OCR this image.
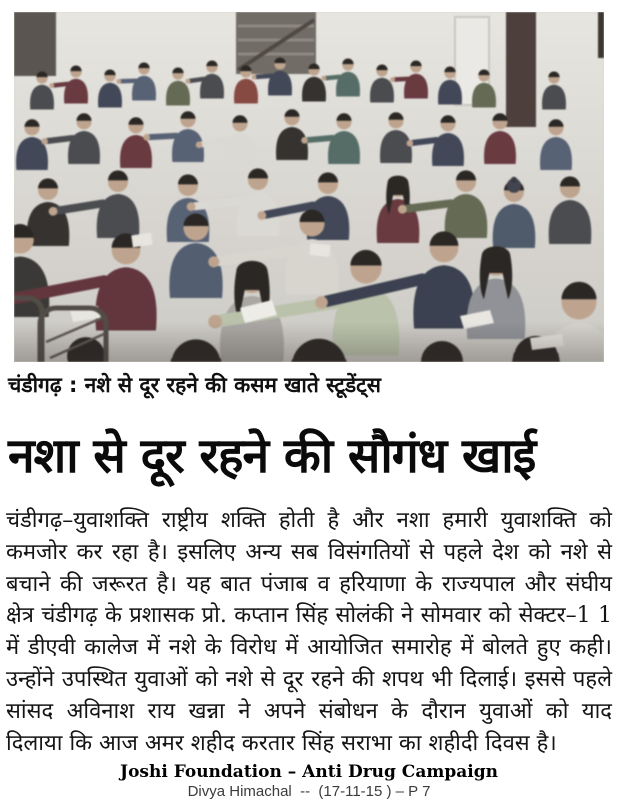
चंडीगढ़ : नशे से दूर रहने की कसम खाते स्टूडेंट्स
नशा से दूर रहने की सौगंध खाई
चंडीगढ़–युवाशक्ति राष्ट्रीय शक्ति होती है और नशा हमारी युवाशक्ति को
कमजोर कर रहा है। इसलिए अन्य सब विसंगतियों से पहले देश को नशे से
बचाने की जरूरत है। यह बात पंजाब व हरियाणा के राज्यपाल और संघीय
क्षेत्र चंडीगढ़ के प्रशासक प्रो. कप्तान सिंह सोलंकी ने सोमवार को सेक्टर–1 1
में डीएवी कालेज में नशे के विरोध में आयोजित समारोह में बोलते हुए कही।
उन्होंने उपस्थित युवाओं को नशे से दूर रहने की शपथ भी दिलाई। इससे पहले
सांसद अविनाश राय खन्ना ने अपने संबोधन के दौरान युवाओं को याद
दिलाया कि आज अमर शहीद करतार सिंह सराभा का शहीदी दिवस है।
Joshi Foundation – Anti Drug Campaign
Divya Himachal  --  (17-11-15 ) – P 7
